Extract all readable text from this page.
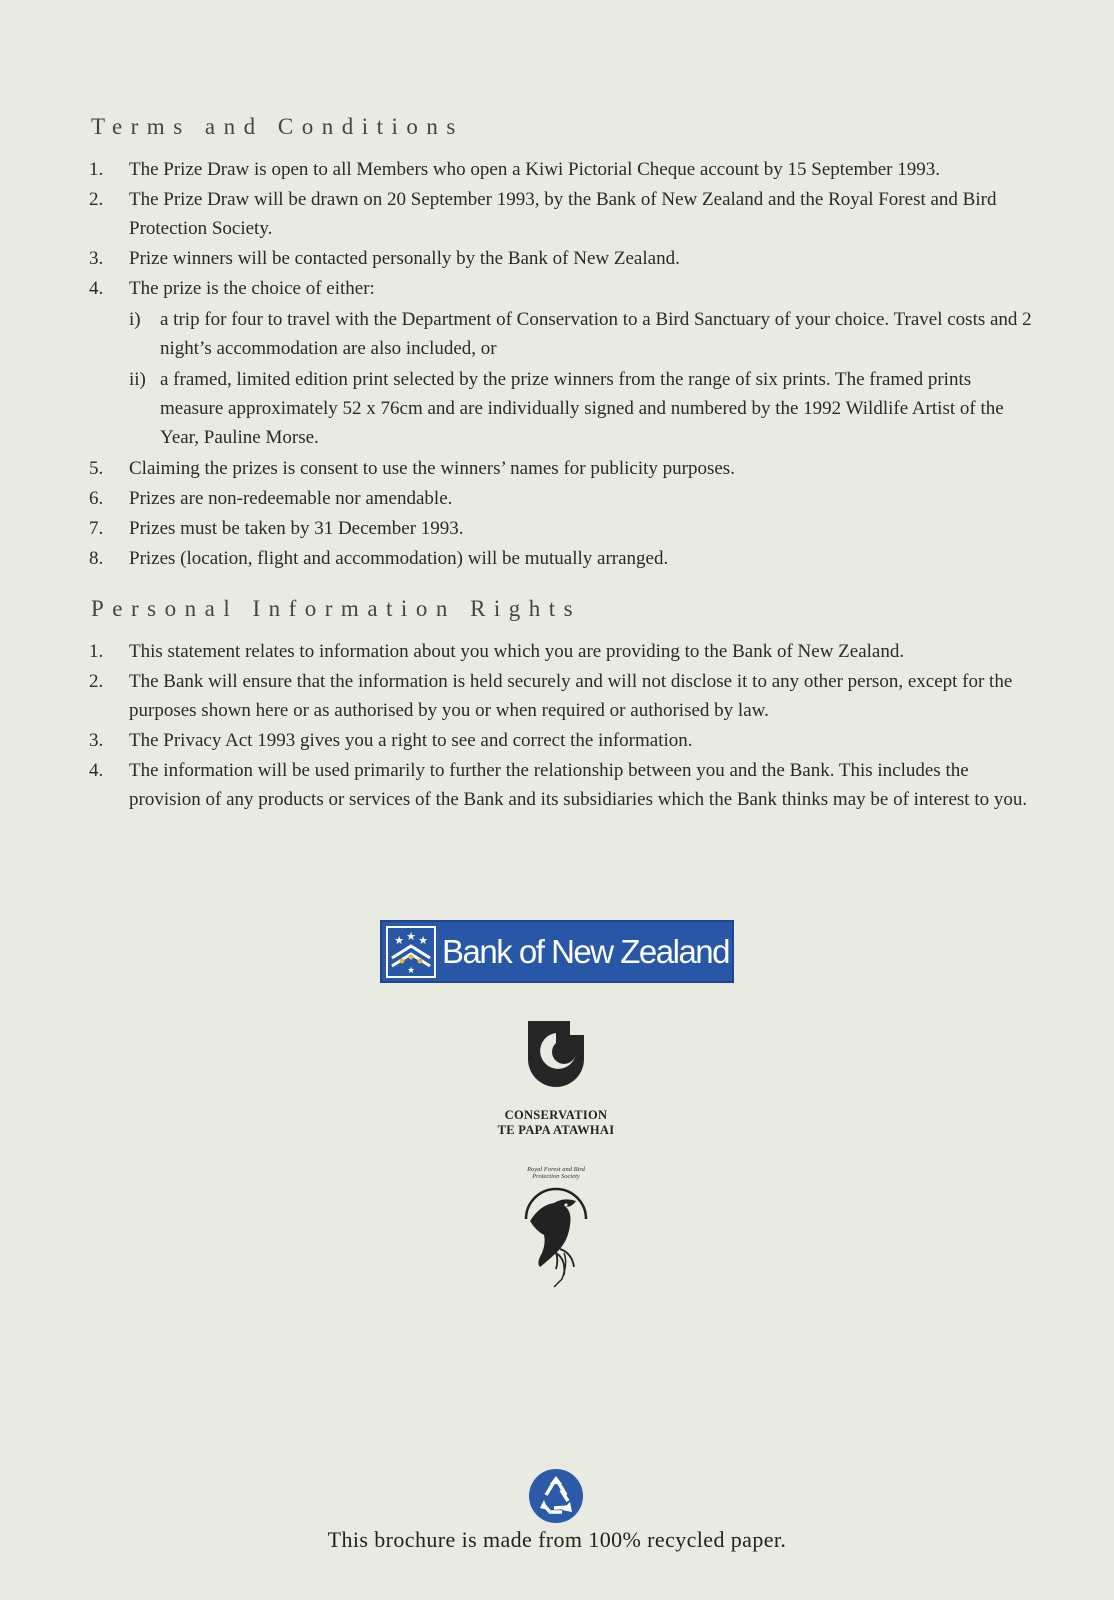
Terms and Conditions
1. The Prize Draw is open to all Members who open a Kiwi Pictorial Cheque account by 15 September 1993.
2. The Prize Draw will be drawn on 20 September 1993, by the Bank of New Zealand and the Royal Forest and Bird Protection Society.
3. Prize winners will be contacted personally by the Bank of New Zealand.
4. The prize is the choice of either:
i) a trip for four to travel with the Department of Conservation to a Bird Sanctuary of your choice. Travel costs and 2 night’s accommodation are also included, or
ii) a framed, limited edition print selected by the prize winners from the range of six prints. The framed prints measure approximately 52 x 76cm and are individually signed and numbered by the 1992 Wildlife Artist of the Year, Pauline Morse.
5. Claiming the prizes is consent to use the winners’ names for publicity purposes.
6. Prizes are non-redeemable nor amendable.
7. Prizes must be taken by 31 December 1993.
8. Prizes (location, flight and accommodation) will be mutually arranged.
Personal Information Rights
1. This statement relates to information about you which you are providing to the Bank of New Zealand.
2. The Bank will ensure that the information is held securely and will not disclose it to any other person, except for the purposes shown here or as authorised by you or when required or authorised by law.
3. The Privacy Act 1993 gives you a right to see and correct the information.
4. The information will be used primarily to further the relationship between you and the Bank. This includes the provision of any products or services of the Bank and its subsidiaries which the Bank thinks may be of interest to you.
★ ★ ★
★
Bank of New Zealand
CONSERVATION
TE PAPA ATAWHAI
Royal Forest and Bird
Protection Society

This brochure is made from 100% recycled paper.
